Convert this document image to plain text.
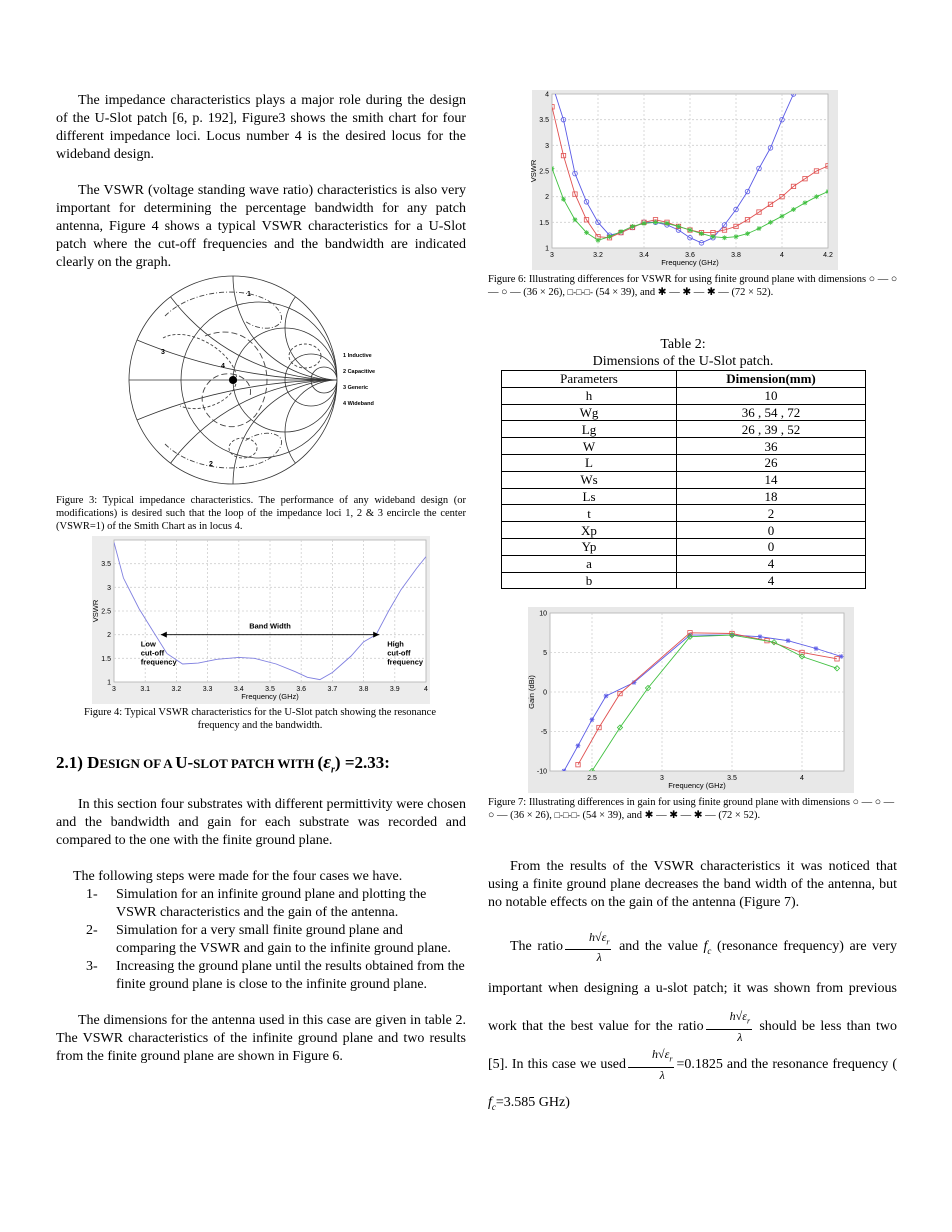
The impedance characteristics plays a major role during the design of the U-Slot patch [6, p. 192], Figure3 shows the smith chart for four different impedance loci. Locus number 4 is the desired locus for the wideband design.

The VSWR (voltage standing wave ratio) characteristics is also very important for determining the percentage bandwidth for any patch antenna, Figure 4 shows a typical VSWR characteristics for a U-Slot patch where the cut-off frequencies and the bandwidth are indicated clearly on the graph.

1
2
3
4
1 Inductive
2 Capacitive
3 Generic
4 Wideband

Figure 3: Typical impedance characteristics. The performance of any wideband design (or modifications) is desired such that the loop of the impedance loci 1, 2 & 3 encircle the center (VSWR=1) of the Smith Chart as in locus 4.

3	3.1	3.2	3.3	3.4	3.5	3.6	3.7	3.8	3.9	4
1
1.5
2
2.5
3
3.5
Frequency (GHz)
VSWR
Band Width
Low
cut-off
frequency
High
cut-off
frequency

Figure 4: Typical VSWR characteristics for the U-Slot patch showing the resonance frequency and the bandwidth.

2.1) DESIGN OF A U-SLOT PATCH WITH $(\varepsilon_r) =2.33$:

In this section four substrates with different permittivity were chosen and the bandwidth and gain for each substrate was recorded and compared to the one with the finite ground plane.

The following steps were made for the four cases we have.

1-	Simulation for an infinite ground plane and plotting the VSWR characteristics and the gain of the antenna.
2-	Simulation for a very small finite ground plane and comparing the VSWR and gain to the infinite ground plane.
3-	Increasing the ground plane until the results obtained from the finite ground plane is close to the infinite ground plane.

The dimensions for the antenna used in this case are given in table 2. The VSWR characteristics of the infinite ground plane and two results from the finite ground plane are shown in Figure 6.

3	3.2	3.4	3.6	3.8	4	4.2
1
1.5
2
2.5
3
3.5
4
Frequency (GHz)
VSWR

Figure 6: Illustrating differences for VSWR for using finite ground plane with dimensions ○ — ○ — ○ — (36 × 26), □-□-□- (54 × 39), and ✱ — ✱ — ✱ — (72 × 52).

Table 2:
Dimensions of the U-Slot patch.
Parameters	Dimension(mm)
h	10
Wg	36 , 54 , 72
Lg	26 , 39 , 52
W	36
L	26
Ws	14
Ls	18
t	2
Xp	0
Yp	0
a	4
b	4
2.5	3	3.5	4
-10
-5
0
5
10
Frequency (GHz)
Gain (dBi)

Figure 7: Illustrating differences in gain for using finite ground plane with dimensions ○ — ○ — ○ — (36 × 26), □-□-□- (54 × 39), and ✱ — ✱ — ✱ — (72 × 52).

From the results of the VSWR characteristics it was noticed that using a finite ground plane decreases the band width of the antenna, but no notable effects on the gain of the antenna (Figure 7).

The ratio $\frac{h√\varepsilon_r}{\lambda}$ and the value $f_c$ (resonance frequency) are very important when designing a u-slot patch; it was shown from previous work that the best value for the ratio $\frac{h√\varepsilon_r}{\lambda}$ should be less than two [5]. In this case we used $\frac{h√\varepsilon_r}{\lambda} =0.1825$ and the resonance frequency ( $f_c=3.585$ GHz)
